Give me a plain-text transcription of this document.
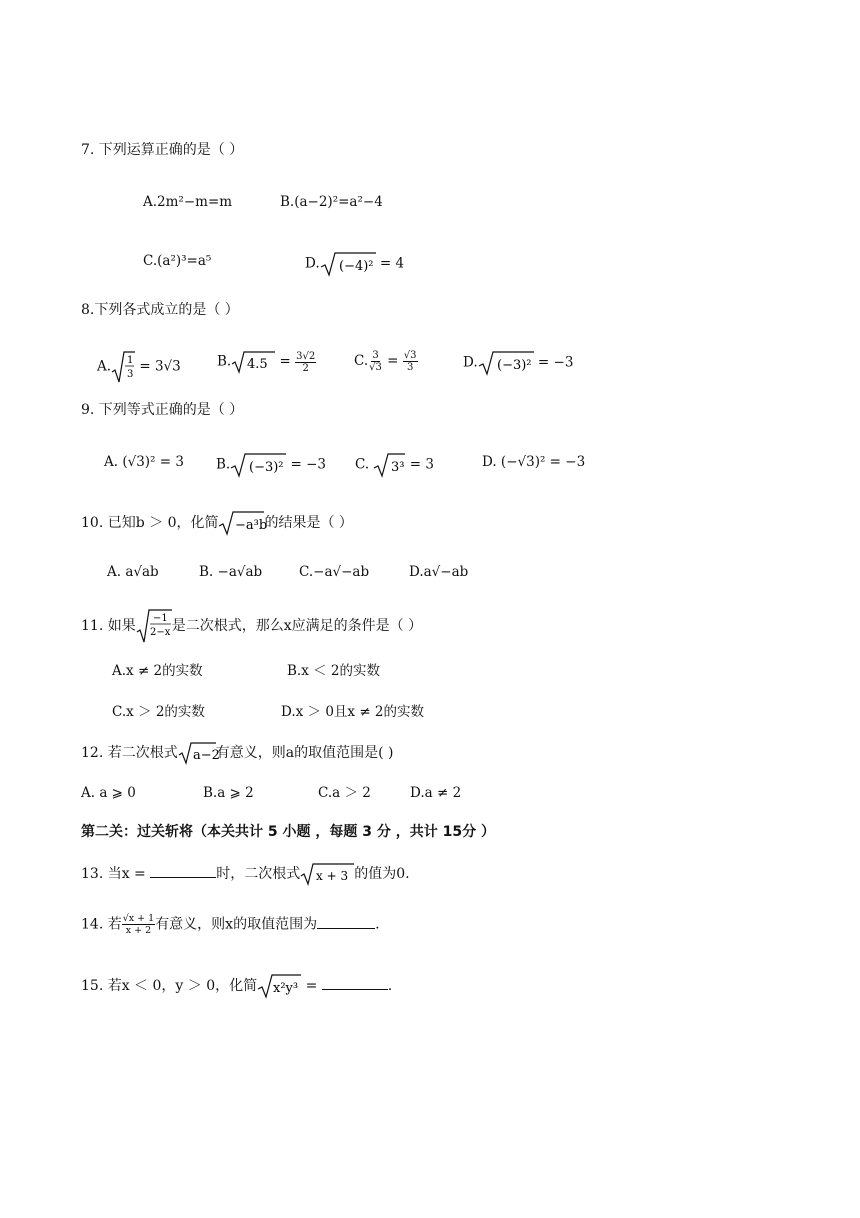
7. 下列运算正确的是（ ）
A.2m²−m=m	B.(a−2)²=a²−4
C.(a²)³=a⁵	D. (−4)² = 4
8.下列各式成立的是（ ）
A. 1
3 = 3√3	B. $4.5 = \frac{3√2}{2}$	C. $\frac{3}{√3} = \frac{√3}{3}$	D. (−3)² = −3
9. 下列等式正确的是（ ）
A. (√3)² = 3 B. (−3)² = −3 C. 3³ = 3	D. (−√3)² = −3
10. 已知b ＞ 0，化简 −a³b
的结果是（ ）
A. a√ab	B. −a√ab	C.−a√−ab	D.a√−ab
11. 如果 −1
2−x 是二次根式，那么x应满足的条件是（ ）
A.x ≠ 2的实数	B.x ＜ 2的实数
C.x ＞ 2的实数	D.x ＞ 0且x ≠ 2的实数
12. 若二次根式 a−2
有意义，则a的取值范围是( )
A. a ⩾ 0	B.a ⩾ 2	C.a ＞ 2	D.a ≠ 2
第二关：过关斩将（本关共计 5 小题 ，每题 3 分 ，共计 15分 ）
13. 当x =	时，二次根式 x + 3 的值为0.
14. 若 $\frac{√x + 1}{x + 2}$ 有意义，则x的取值范围为	.
15. 若x ＜ 0，y ＞ 0，化简 x²y³ =	.
